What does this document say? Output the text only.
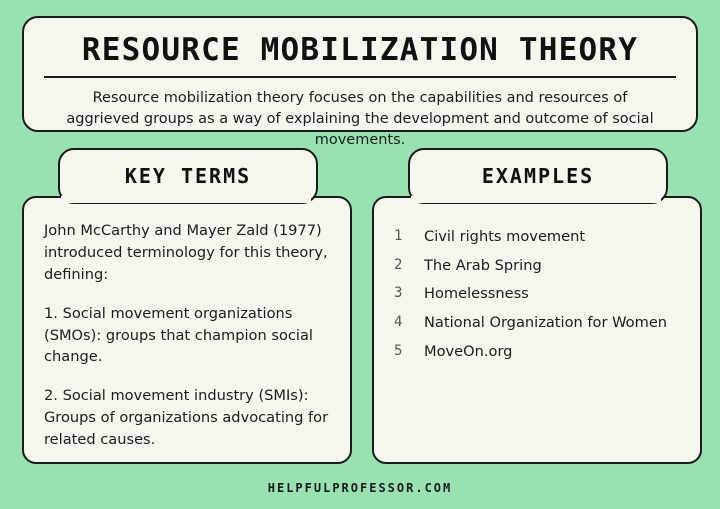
RESOURCE MOBILIZATION THEORY
Resource mobilization theory focuses on the capabilities and resources of aggrieved groups as a way of explaining the development and outcome of social movements.

John McCarthy and Mayer Zald (1977) introduced terminology for this theory, defining:

1. Social movement organizations (SMOs): groups that champion social change.

2. Social movement industry (SMIs): Groups of organizations advocating for related causes.

1	Civil rights movement
2	The Arab Spring
3	Homelessness
4	National Organization for Women
5	MoveOn.org
KEY TERMS	EXAMPLES
HELPFULPROFESSOR.COM
